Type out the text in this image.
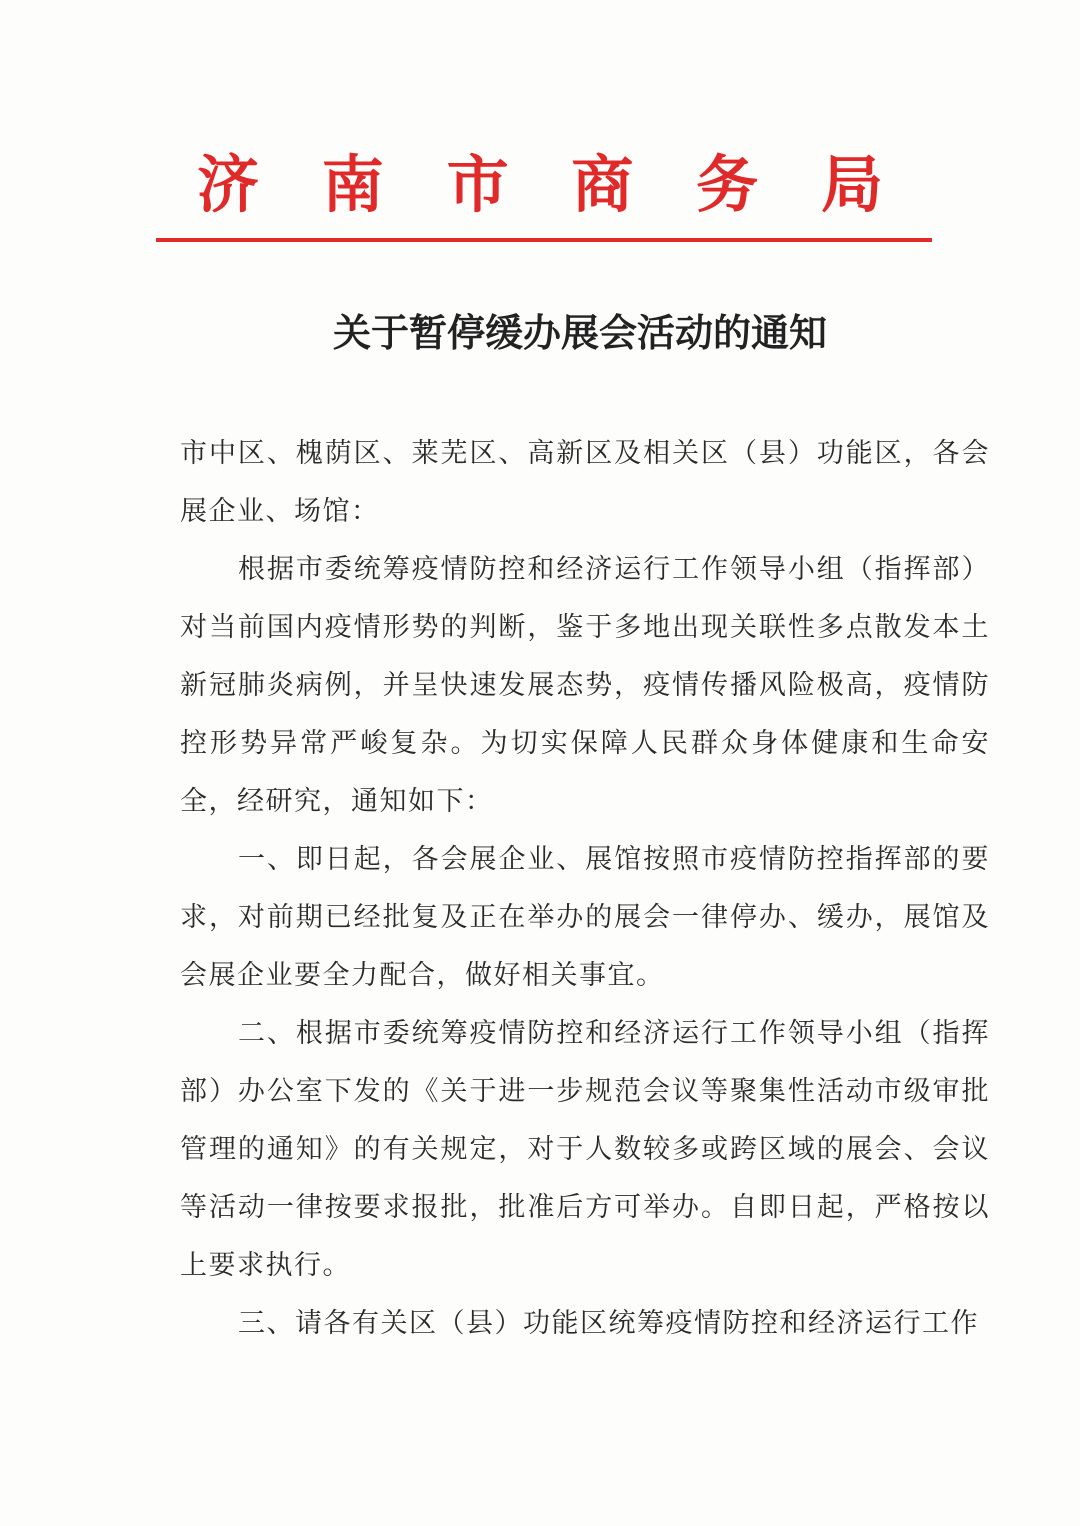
济 南 市 商 务 局
关于暂停缓办展会活动的通知

市中区、槐荫区、莱芜区、高新区及相关区（县）功能区，各会展企业、场馆：

根据市委统筹疫情防控和经济运行工作领导小组（指挥部）对当前国内疫情形势的判断，鉴于多地出现关联性多点散发本土新冠肺炎病例，并呈快速发展态势，疫情传播风险极高，疫情防控形势异常严峻复杂。为切实保障人民群众身体健康和生命安全，经研究，通知如下：

一、即日起，各会展企业、展馆按照市疫情防控指挥部的要求，对前期已经批复及正在举办的展会一律停办、缓办，展馆及会展企业要全力配合，做好相关事宜。

二、根据市委统筹疫情防控和经济运行工作领导小组（指挥部）办公室下发的《关于进一步规范会议等聚集性活动市级审批管理的通知》的有关规定，对于人数较多或跨区域的展会、会议等活动一律按要求报批，批准后方可举办。自即日起，严格按以上要求执行。

三、请各有关区（县）功能区统筹疫情防控和经济运行工作
